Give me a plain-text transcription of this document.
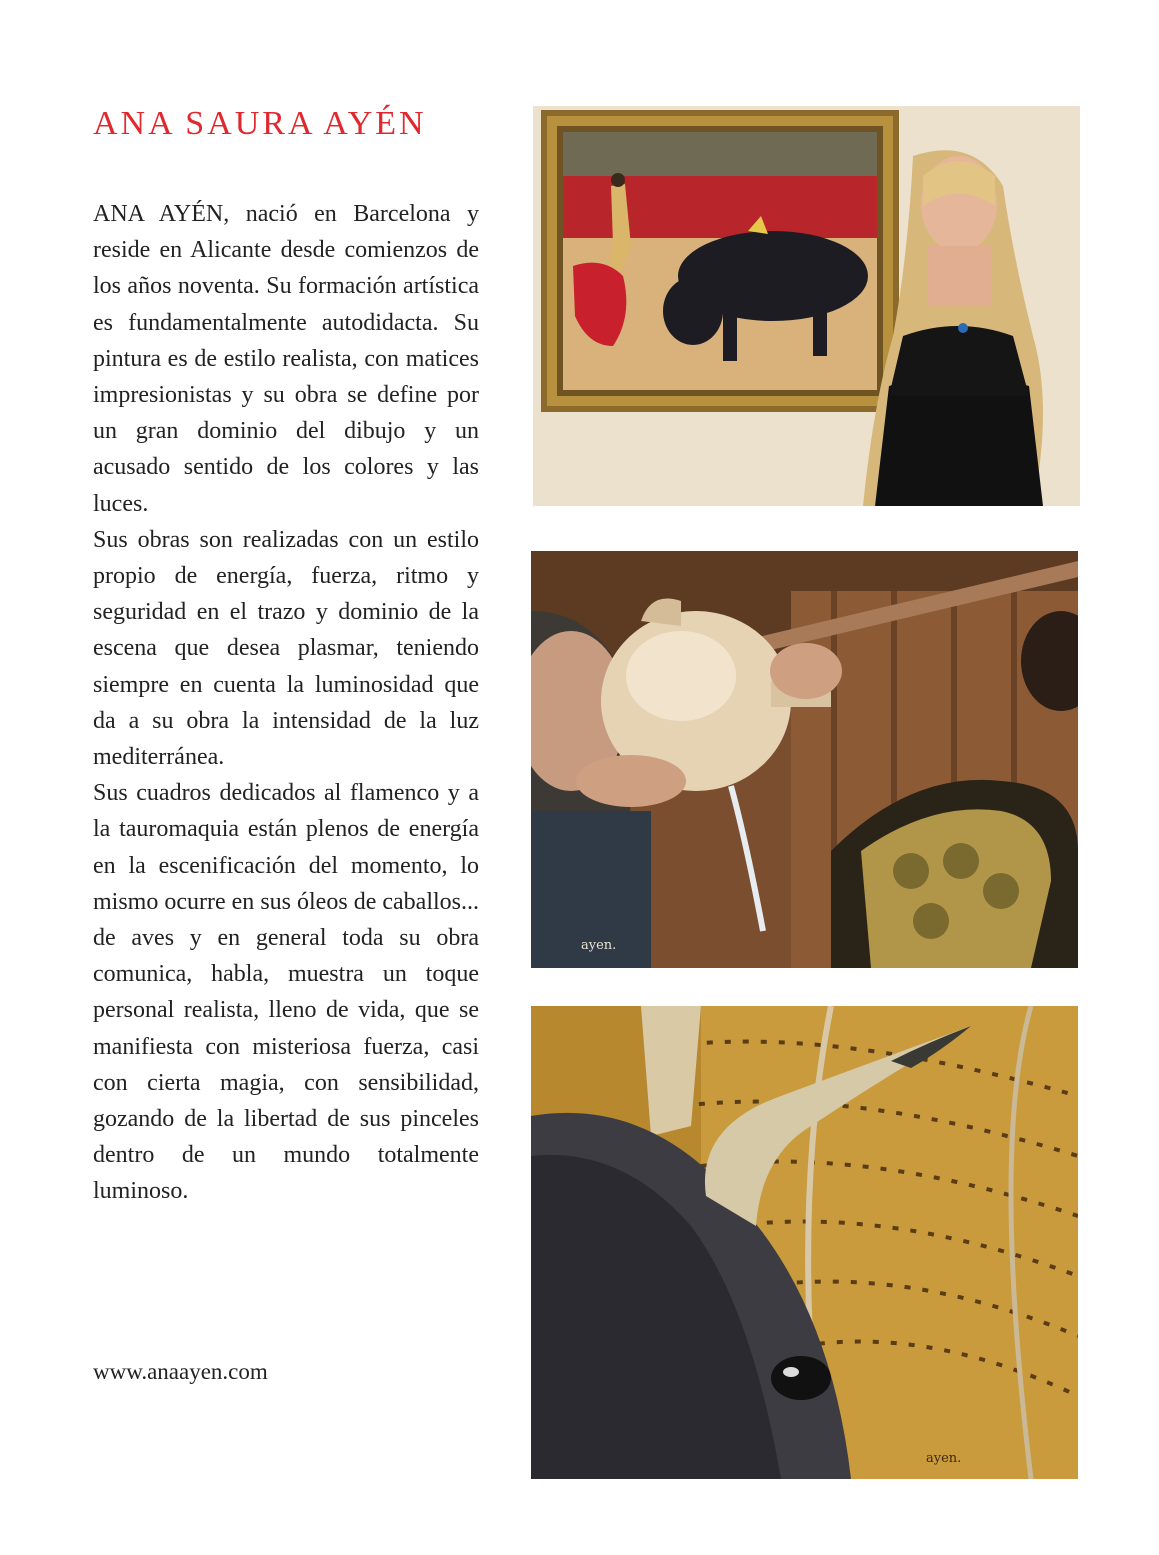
ANA SAURA AYÉN

ANA AYÉN, nació en Barcelona y reside en Alicante desde comienzos de los años noventa. Su formación artística es fundamentalmente autodidacta. Su pintura es de estilo realista, con matices impresionistas y su obra se define por un gran dominio del dibujo y un acusado sentido de los colores y las luces.

Sus obras son realizadas con un estilo propio de energía, fuerza, ritmo y seguridad en el trazo y dominio de la escena que desea plasmar, teniendo siempre en cuenta la luminosidad que da a su obra la intensidad de la luz mediterránea.

Sus cuadros dedicados al flamenco y a la tauromaquia están plenos de energía en la escenificación del momento, lo mismo ocurre en sus óleos de caballos... de aves y en general toda su obra comunica, habla, muestra un toque personal realista, lleno de vida, que se manifiesta con misteriosa fuerza, casi con cierta magia, con sensibilidad, gozando de la libertad de sus pinceles dentro de un mundo totalmente luminoso.

www.anaayen.com
ayen.
ayen.
